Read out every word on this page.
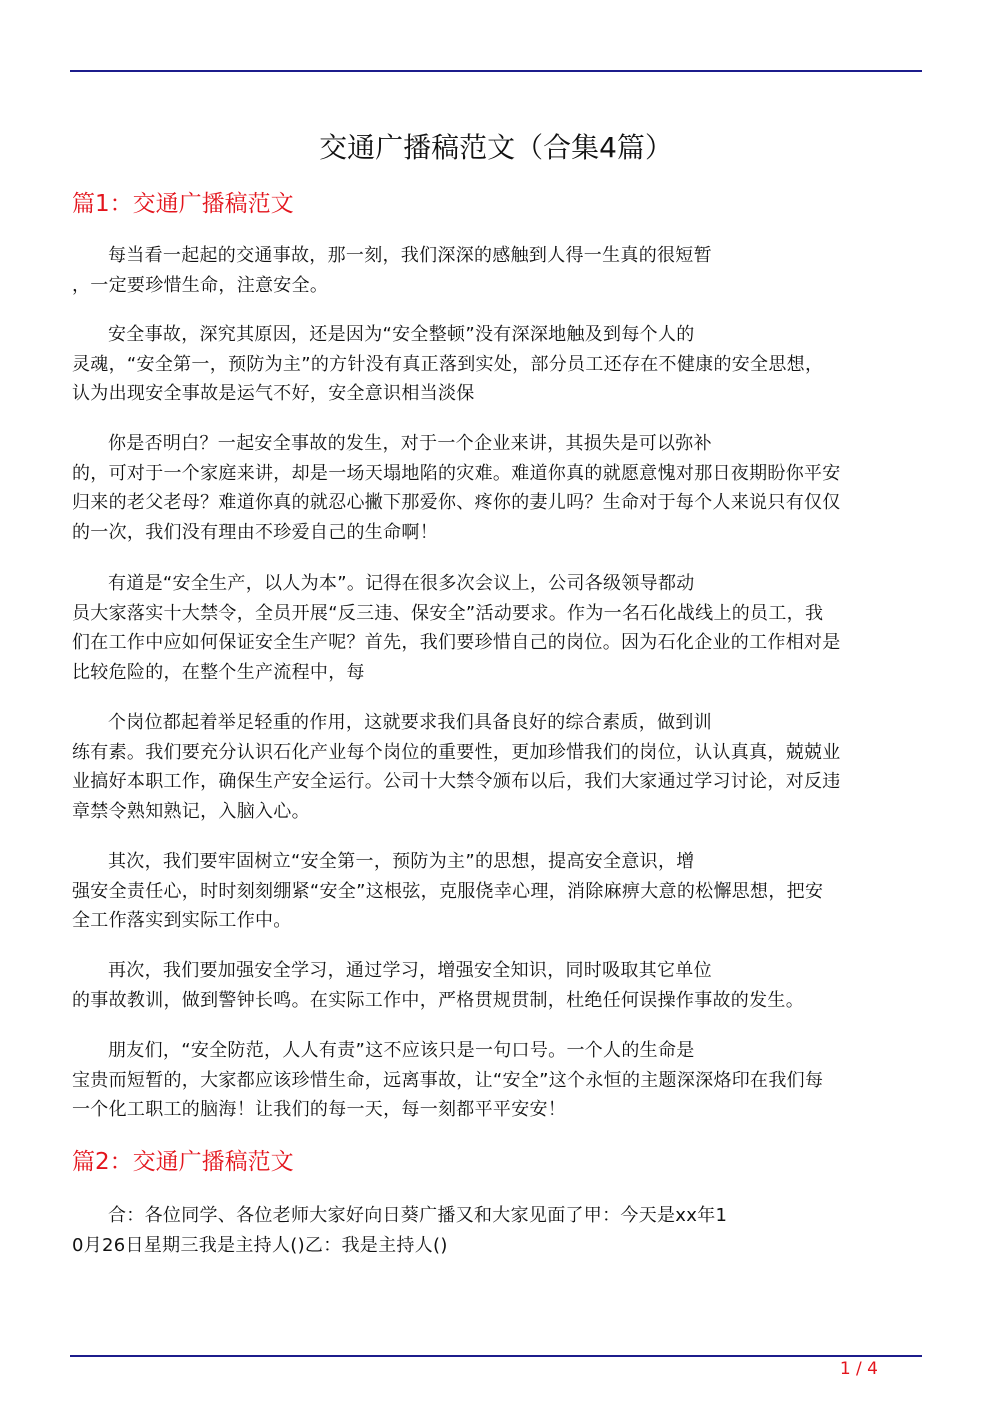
交通广播稿范文（合集4篇）
篇1：交通广播稿范文

每当看一起起的交通事故，那一刻，我们深深的感触到人得一生真的很短暂
，一定要珍惜生命，注意安全。

安全事故，深究其原因，还是因为“安全整顿”没有深深地触及到每个人的
灵魂，“安全第一，预防为主”的方针没有真正落到实处，部分员工还存在不健康的安全思想，
认为出现安全事故是运气不好，安全意识相当淡保

你是否明白？一起安全事故的发生，对于一个企业来讲，其损失是可以弥补
的，可对于一个家庭来讲，却是一场天塌地陷的灾难。难道你真的就愿意愧对那日夜期盼你平安
归来的老父老母？难道你真的就忍心撇下那爱你、疼你的妻儿吗？生命对于每个人来说只有仅仅
的一次，我们没有理由不珍爱自己的生命啊！

有道是“安全生产，以人为本”。记得在很多次会议上，公司各级领导都动
员大家落实十大禁令，全员开展“反三违、保安全”活动要求。作为一名石化战线上的员工，我
们在工作中应如何保证安全生产呢？首先，我们要珍惜自己的岗位。因为石化企业的工作相对是
比较危险的，在整个生产流程中，每

个岗位都起着举足轻重的作用，这就要求我们具备良好的综合素质，做到训
练有素。我们要充分认识石化产业每个岗位的重要性，更加珍惜我们的岗位，认认真真，兢兢业
业搞好本职工作，确保生产安全运行。公司十大禁令颁布以后，我们大家通过学习讨论，对反违
章禁令熟知熟记，入脑入心。

其次，我们要牢固树立“安全第一，预防为主”的思想，提高安全意识，增
强安全责任心，时时刻刻绷紧“安全”这根弦，克服侥幸心理，消除麻痹大意的松懈思想，把安
全工作落实到实际工作中。

再次，我们要加强安全学习，通过学习，增强安全知识，同时吸取其它单位
的事故教训，做到警钟长鸣。在实际工作中，严格贯规贯制，杜绝任何误操作事故的发生。

朋友们，“安全防范，人人有责”这不应该只是一句口号。一个人的生命是
宝贵而短暂的，大家都应该珍惜生命，远离事故，让“安全”这个永恒的主题深深烙印在我们每
一个化工职工的脑海！让我们的每一天，每一刻都平平安安！

篇2：交通广播稿范文

合：各位同学、各位老师大家好向日葵广播又和大家见面了甲：今天是xx年1
0月26日星期三我是主持人()乙：我是主持人()

1 / 4
